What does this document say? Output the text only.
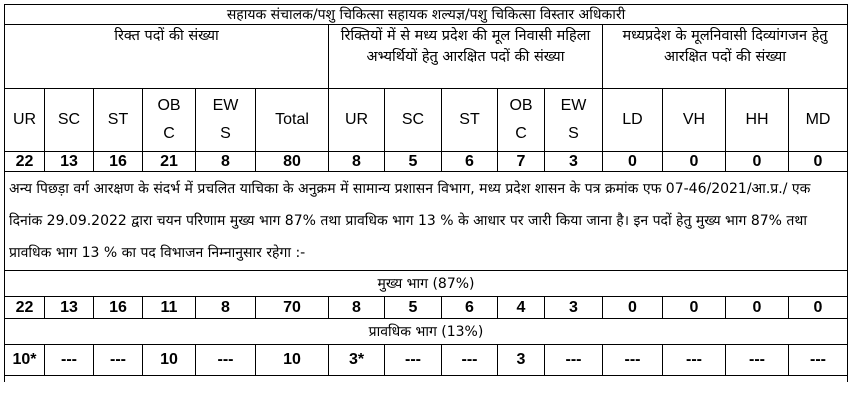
सहायक संचालक/पशु चिकित्सा सहायक शल्यज्ञ/पशु चिकित्सा विस्तार अधिकारी														
रिक्त पदों की संख्या						रिक्तियों में से मध्य प्रदेश की मूल निवासी महिला अभ्यर्थियों हेतु आरक्षित पदों की संख्या					मध्यप्रदेश के मूलनिवासी दिव्यांगजन हेतु आरक्षित पदों की संख्या			
UR	SC	ST	OBC	EWS	Total	UR	SC	ST	OBC	EWS	LD	VH	HH	MD
22	13	16	21	8	80	8	5	6	7	3	0	0	0	0
अन्य पिछड़ा वर्ग आरक्षण के संदर्भ में प्रचलित याचिका के अनुक्रम में सामान्य प्रशासन विभाग, मध्य प्रदेश शासन के पत्र क्रमांक एफ 07-46/2021/आ.प्र./ एक दिनांक 29.09.2022 द्वारा चयन परिणाम मुख्य भाग 87% तथा प्रावधिक भाग 13 % के आधार पर जारी किया जाना है। इन पदों हेतु मुख्य भाग 87% तथा प्रावधिक भाग 13 % का पद विभाजन निम्नानुसार रहेगा :-														
मुख्य भाग (87%)														
22	13	16	11	8	70	8	5	6	4	3	0	0	0	0
प्रावधिक भाग (13%)														
10*	---	---	10	---	10	3*	---	---	3	---	---	---	---	---
